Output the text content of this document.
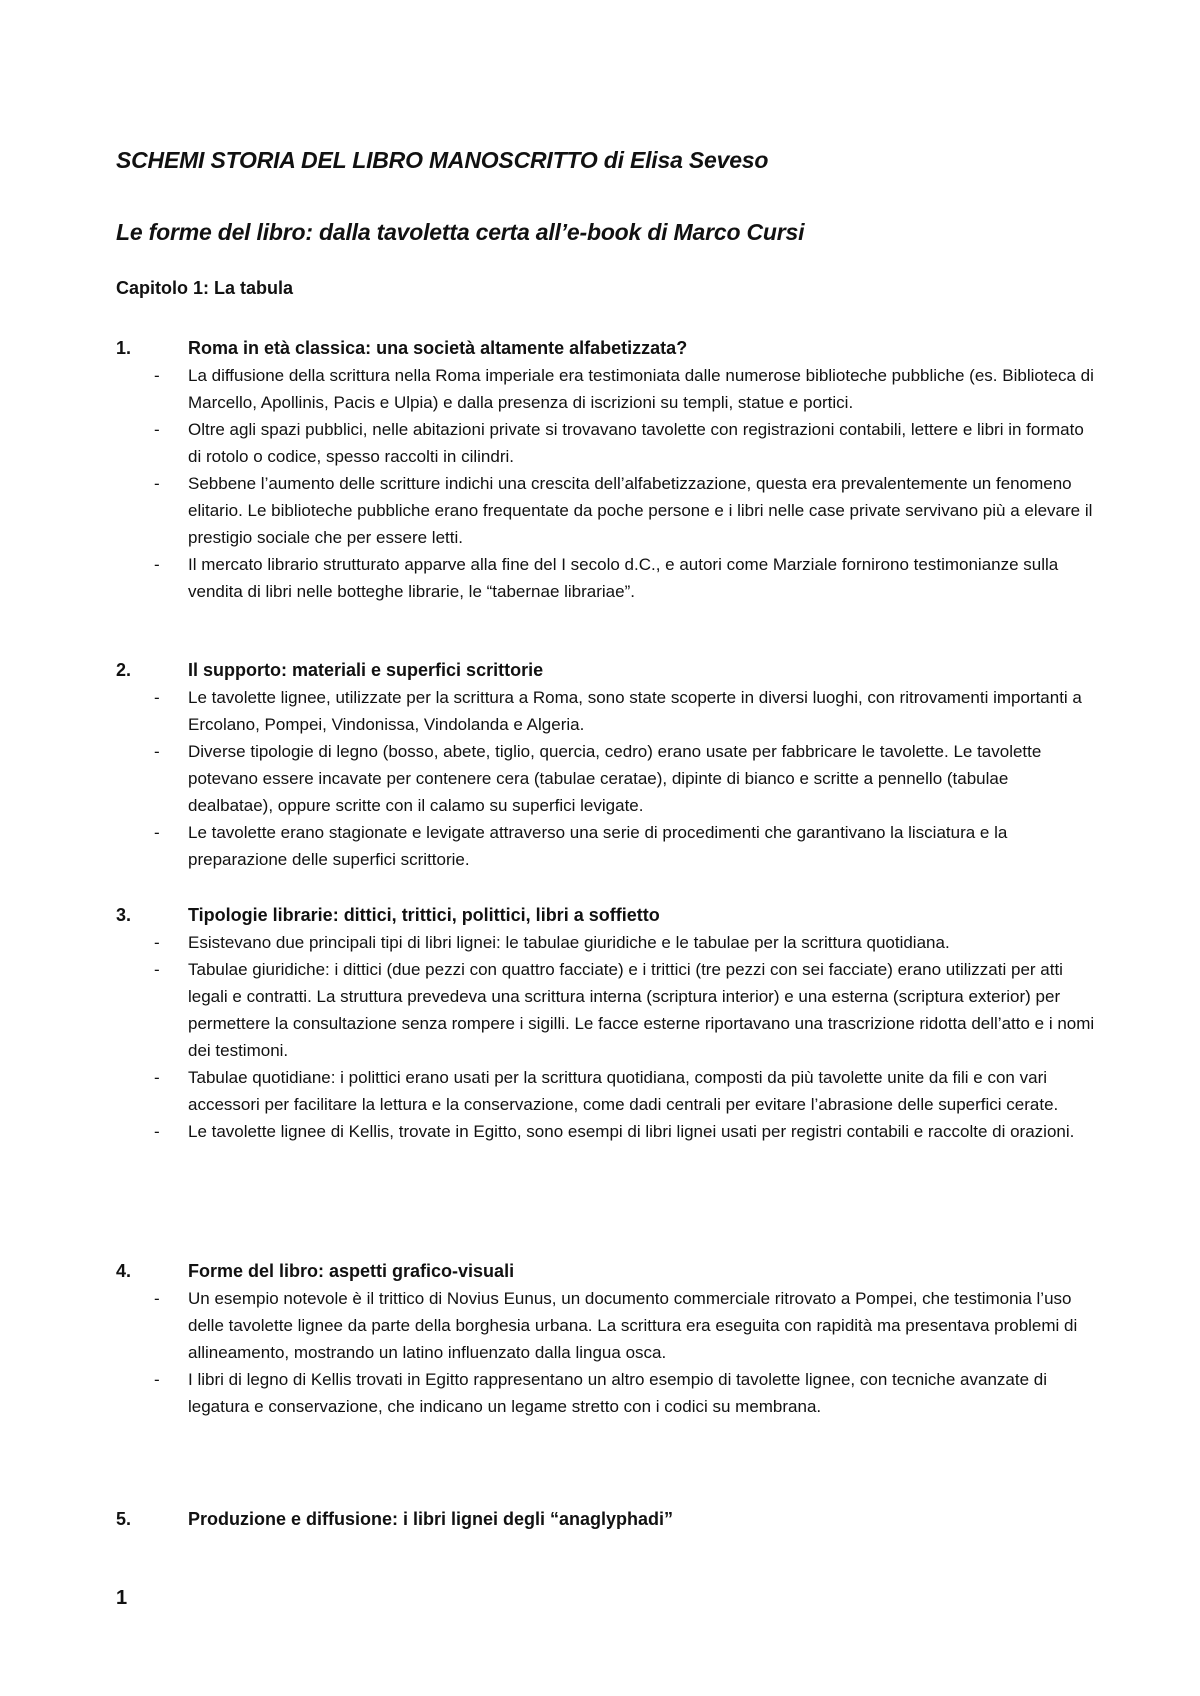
SCHEMI STORIA DEL LIBRO MANOSCRITTO di Elisa Seveso
Le forme del libro: dalla tavoletta certa all’e-book di Marco Cursi
Capitolo 1: La tabula
1.	Roma in età classica: una società altamente alfabetizzata?
- La diffusione della scrittura nella Roma imperiale era testimoniata dalle numerose biblioteche pubbliche (es. Biblioteca di Marcello, Apollinis, Pacis e Ulpia) e dalla presenza di iscrizioni su templi, statue e portici.
- Oltre agli spazi pubblici, nelle abitazioni private si trovavano tavolette con registrazioni contabili, lettere e libri in formato di rotolo o codice, spesso raccolti in cilindri.
- Sebbene l’aumento delle scritture indichi una crescita dell’alfabetizzazione, questa era prevalentemente un fenomeno elitario. Le biblioteche pubbliche erano frequentate da poche persone e i libri nelle case private servivano più a elevare il prestigio sociale che per essere letti.
- Il mercato librario strutturato apparve alla fine del I secolo d.C., e autori come Marziale fornirono testimonianze sulla vendita di libri nelle botteghe librarie, le “tabernae librariae”.
2.	Il supporto: materiali e superfici scrittorie
- Le tavolette lignee, utilizzate per la scrittura a Roma, sono state scoperte in diversi luoghi, con ritrovamenti importanti a Ercolano, Pompei, Vindonissa, Vindolanda e Algeria.
- Diverse tipologie di legno (bosso, abete, tiglio, quercia, cedro) erano usate per fabbricare le tavolette. Le tavolette potevano essere incavate per contenere cera (tabulae ceratae), dipinte di bianco e scritte a pennello (tabulae dealbatae), oppure scritte con il calamo su superfici levigate.
- Le tavolette erano stagionate e levigate attraverso una serie di procedimenti che garantivano la lisciatura e la preparazione delle superfici scrittorie.
3.	Tipologie librarie: dittici, trittici, polittici, libri a soffietto
- Esistevano due principali tipi di libri lignei: le tabulae giuridiche e le tabulae per la scrittura quotidiana.
- Tabulae giuridiche: i dittici (due pezzi con quattro facciate) e i trittici (tre pezzi con sei facciate) erano utilizzati per atti legali e contratti. La struttura prevedeva una scrittura interna (scriptura interior) e una esterna (scriptura exterior) per permettere la consultazione senza rompere i sigilli. Le facce esterne riportavano una trascrizione ridotta dell’atto e i nomi dei testimoni.
- Tabulae quotidiane: i polittici erano usati per la scrittura quotidiana, composti da più tavolette unite da fili e con vari accessori per facilitare la lettura e la conservazione, come dadi centrali per evitare l’abrasione delle superfici cerate.
- Le tavolette lignee di Kellis, trovate in Egitto, sono esempi di libri lignei usati per registri contabili e raccolte di orazioni.
4.	Forme del libro: aspetti grafico-visuali
- Un esempio notevole è il trittico di Novius Eunus, un documento commerciale ritrovato a Pompei, che testimonia l’uso delle tavolette lignee da parte della borghesia urbana. La scrittura era eseguita con rapidità ma presentava problemi di allineamento, mostrando un latino influenzato dalla lingua osca.
- I libri di legno di Kellis trovati in Egitto rappresentano un altro esempio di tavolette lignee, con tecniche avanzate di legatura e conservazione, che indicano un legame stretto con i codici su membrana.
5.	Produzione e diffusione: i libri lignei degli “anaglyphadi”
1
